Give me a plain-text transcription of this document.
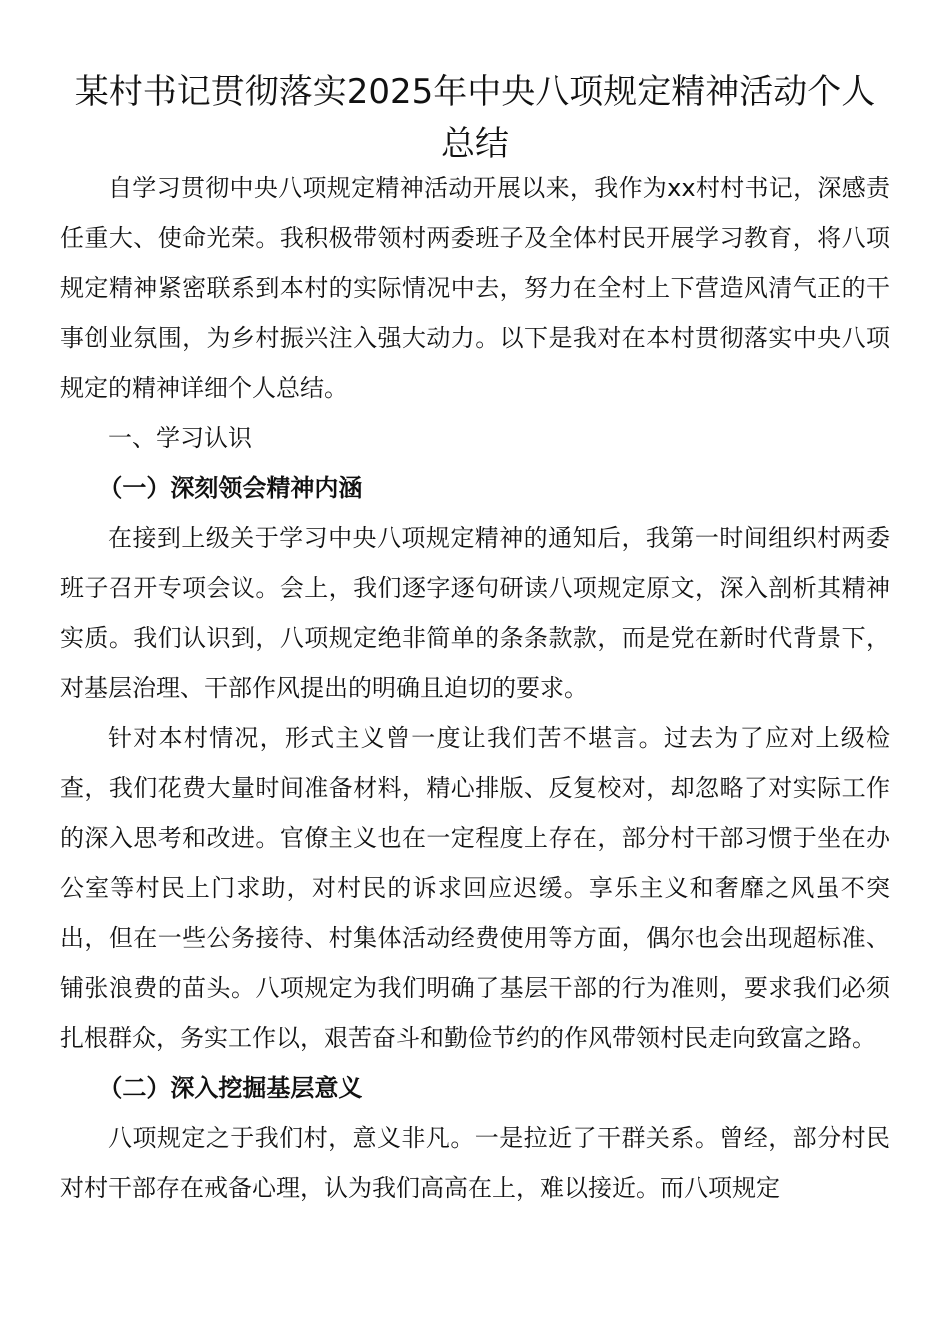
某村书记贯彻落实2025年中央八项规定精神活动个人总结

自学习贯彻中央八项规定精神活动开展以来，我作为xx村村书记，深感责任重大、使命光荣。我积极带领村两委班子及全体村民开展学习教育，将八项规定精神紧密联系到本村的实际情况中去，努力在全村上下营造风清气正的干事创业氛围，为乡村振兴注入强大动力。以下是我对在本村贯彻落实中央八项规定的精神详细个人总结。

一、学习认识
（一）深刻领会精神内涵

在接到上级关于学习中央八项规定精神的通知后，我第一时间组织村两委班子召开专项会议。会上，我们逐字逐句研读八项规定原文，深入剖析其精神实质。我们认识到，八项规定绝非简单的条条款款，而是党在新时代背景下，对基层治理、干部作风提出的明确且迫切的要求。

针对本村情况，形式主义曾一度让我们苦不堪言。过去为了应对上级检查，我们花费大量时间准备材料，精心排版、反复校对，却忽略了对实际工作的深入思考和改进。官僚主义也在一定程度上存在，部分村干部习惯于坐在办公室等村民上门求助，对村民的诉求回应迟缓。享乐主义和奢靡之风虽不突出，但在一些公务接待、村集体活动经费使用等方面，偶尔也会出现超标准、铺张浪费的苗头。八项规定为我们明确了基层干部的行为准则，要求我们必须扎根群众，务实工作以，艰苦奋斗和勤俭节约的作风带领村民走向致富之路。

（二）深入挖掘基层意义

八项规定之于我们村，意义非凡。一是拉近了干群关系。曾经，部分村民对村干部存在戒备心理，认为我们高高在上，难以接近。而八项规定
